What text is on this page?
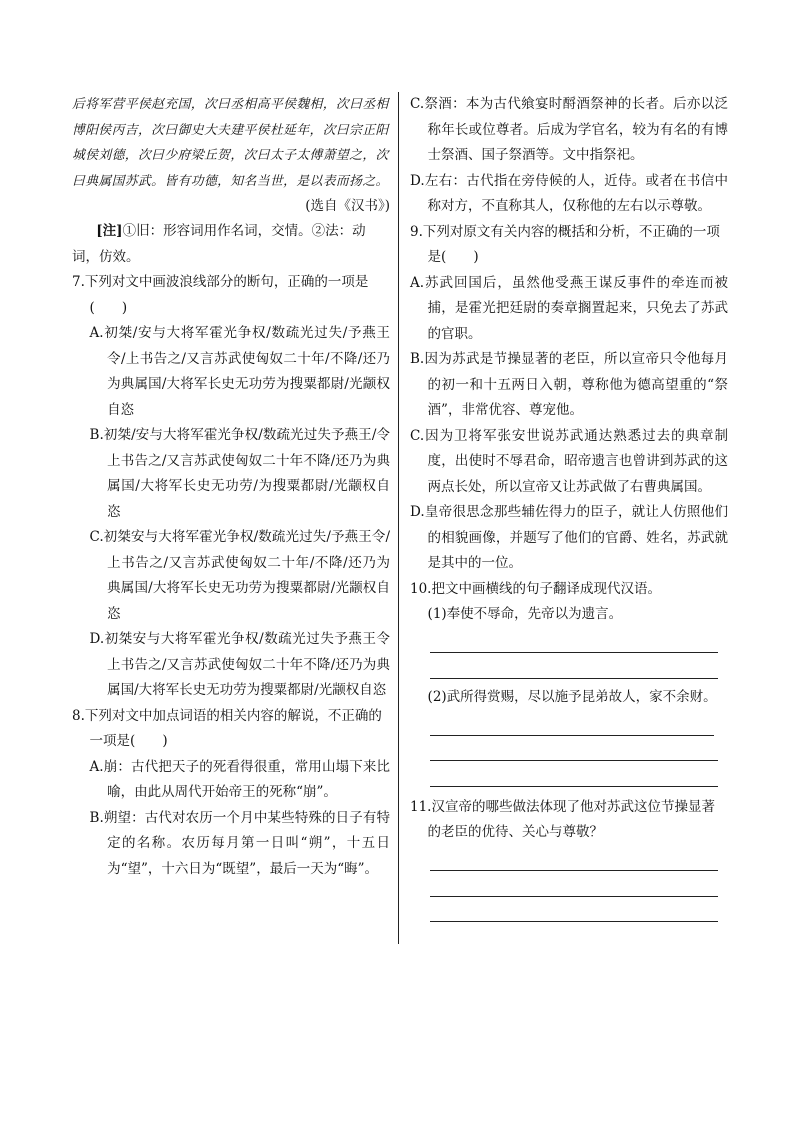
后将军营平侯赵充国，次曰丞相高平侯魏相，次曰丞相博阳侯丙吉，次曰御史大夫建平侯杜延年，次曰宗正阳城侯刘德，次曰少府梁丘贺，次曰太子太傅萧望之，次曰典属国苏武。皆有功德，知名当世，是以表而扬之。

(选自《汉书》)

[注]①旧：形容词用作名词，交情。②法：动词，仿效。

7.下列对文中画波浪线部分的断句，正确的一项是(　　)

A.初桀/安与大将军霍光争权/数疏光过失/予燕王令/上书告之/又言苏武使匈奴二十年/不降/还乃为典属国/大将军长史无功劳为搜粟都尉/光颛权自恣

B.初桀/安与大将军霍光争权/数疏光过失予燕王/令上书告之/又言苏武使匈奴二十年不降/还乃为典属国/大将军长史无功劳/为搜粟都尉/光颛权自恣

C.初桀安与大将军霍光争权/数疏光过失/予燕王令/上书告之/又言苏武使匈奴二十年/不降/还乃为典属国/大将军长史无功劳为搜粟都尉/光颛权自恣

D.初桀安与大将军霍光争权/数疏光过失予燕王令上书告之/又言苏武使匈奴二十年不降/还乃为典属国/大将军长史无功劳为搜粟都尉/光颛权自恣

8.下列对文中加点词语的相关内容的解说，不正确的一项是(　　)

A.崩：古代把天子的死看得很重，常用山塌下来比喻，由此从周代开始帝王的死称“崩”。

B.朔望：古代对农历一个月中某些特殊的日子有特定的名称。农历每月第一日叫“朔”，十五日为“望”，十六日为“既望”，最后一天为“晦”。

C.祭酒：本为古代飨宴时酹酒祭神的长者。后亦以泛称年长或位尊者。后成为学官名，较为有名的有博士祭酒、国子祭酒等。文中指祭祀。

D.左右：古代指在旁侍候的人，近侍。或者在书信中称对方，不直称其人，仅称他的左右以示尊敬。

9.下列对原文有关内容的概括和分析，不正确的一项是(　　)

A.苏武回国后，虽然他受燕王谋反事件的牵连而被捕，是霍光把廷尉的奏章搁置起来，只免去了苏武的官职。

B.因为苏武是节操显著的老臣，所以宣帝只令他每月的初一和十五两日入朝，尊称他为德高望重的“祭酒”，非常优容、尊宠他。

C.因为卫将军张安世说苏武通达熟悉过去的典章制度，出使时不辱君命，昭帝遗言也曾讲到苏武的这两点长处，所以宣帝又让苏武做了右曹典属国。

D.皇帝很思念那些辅佐得力的臣子，就让人仿照他们的相貌画像，并题写了他们的官爵、姓名，苏武就是其中的一位。

10.把文中画横线的句子翻译成现代汉语。

(1)奉使不辱命，先帝以为遗言。

(2)武所得赏赐，尽以施予昆弟故人，家不余财。

11.汉宣帝的哪些做法体现了他对苏武这位节操显著的老臣的优待、关心与尊敬？
